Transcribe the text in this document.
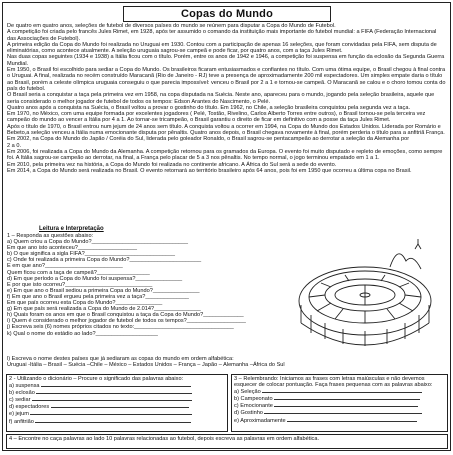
Copas do Mundo

De quatro em quatro anos, seleções de futebol de diversos países do mundo se reúnem para disputar a Copa do Mundo de Futebol.

A competição foi criada pelo francês Jules Rimet, em 1928, após ter assumido o comando da instituição mais importante do futebol mundial: a FIFA (Federação Internacional das Associações de Futebol).

A primeira edição da Copa do Mundo foi realizada no Uruguai em 1930. Contou com a participação de apenas 16 seleções, que foram convidadas pela FIFA, sem disputa de eliminatórias, como acontece atualmente. A seleção uruguaia sagrou-se campeã e pode ficar, por quatro anos, com a taça Jules Rimet.

Nas duas copas seguintes (1934 e 1938) a Itália ficou com o título. Porém, entre os anos de 1942 e 1946, a competição foi suspensa em função da eclosão da Segunda Guerra Mundial.

Em 1950, o Brasil foi escolhido para sediar a Copa do Mundo. Os brasileiros ficaram entusiasmados e confiantes no título. Com uma ótima equipe, o Brasil chegou à final contra o Uruguai. A final, realizada no recém construído Maracanã (Rio de Janeiro - RJ) teve a presença de aproximadamente 200 mil espectadores. Um simples empate daria o título ao Brasil, porém a celeste olímpica uruguaia conseguiu o que parecia impossível: venceu o Brasil por 2 a 1 e tornou-se campeã. O Maracanã se calou e o choro tomou conta do país do futebol.

O Brasil seria a conquistar a taça pela primeira vez em 1958, na copa disputada na Suécia. Neste ano, apareceu para o mundo, jogando pela seleção brasileira, aquele que seria considerado o melhor jogador de futebol de todos os tempos: Edson Arantes do Nascimento, o Pelé.

Quatro anos após a conquista na Suécia, o Brasil voltou a provar o gostinho do título. Em 1962, no Chile, a seleção brasileira conquistou pela segunda vez a taça.

Em 1970, no México, com uma equipe formada por excelentes jogadores ( Pelé, Tostão, Rivelino, Carlos Alberto Torres entre outros), o Brasil tornou-se pela terceira vez campeão do mundo ao vencer a Itália por 4 a 1. Ao tornar-se tricampeão, o Brasil garantiu o direito de ficar em definitivo com a posse da taça Jules Rimet.

Após o título de 1970, o Brasil entrou num jejum de 24 anos sem título. A conquista voltou a ocorrer em 1994, na Copa do Mundo dos Estados Unidos. Liderada por Romário e Bebeto,a seleção venceu a Itália numa emocionante disputa por pênaltis. Quatro anos depois, o Brasil chegava novamente à final, porém perderia o título para a anfitriã França.

Em 2002, na Copa do Mundo do Japão / Coréia do Sul, liderada pelo goleador Ronaldo, o Brasil sagrou-se pentacampeão ao derrotar a seleção da Alemanha por

2 a 0.

Em 2006, foi realizada a Copa do Mundo da Alemanha. A competição retornou para os gramados da Europa. O evento foi muito disputado e repleto de emoções, como sempre foi. A Itália sagrou-se campeão ao derrotar, na final, a França pelo placar de 5 a 3 nos pênaltis. No tempo normal, o jogo terminou empatado em 1 a 1.

Em 2010, pela primeira vez na história, a Copa do Mundo foi realizada no continente africano. A África do Sul será a sede do evento.

Em 2014, a Copa do Mundo será realizada no Brasil. O evento retornará ao território brasileiro após 64 anos, pois foi em 1950 que ocorreu a última copa no Brasil.

Leitura e Interpretação
1 – Responda as questões abaixo:
a) Quem criou a Copa do Mundo?_______________________________
Em que ano isto aconteceu?___________________
b) O que significa a sigla FIFA?_____________________________
c) Onde foi realizada a primeira Copa do Mundo?_______________________
E em que ano?_________________________
Quem ficou com a taça de campeã?_________________
d) Em que período a Copa do Mundo foi suspensa?_______________
E por que isto ocorreu?____________________________
e) Em que ano o Brasil sediou a primeira Copa do Mundo?_______________
f) Em que ano o Brasil ergueu pela primeira vez a taça?______________
Em que país ocorreu esta Copa do Mundo?_______________
g) Em que país será realizada a Copa do Mundo de 2.014?_______________
h) Quais foram os anos em que o Brasil conquistou a taça da Copa do Mundo?_____________
i) Quem é considerado o melhor jogador de futebol de todos os tempos?___________________
j) Escreva seis (6) nomes próprios citados no texto:________________________________
k) Qual o nome do estádio ao lado?____________________
l) Escreva o nome destes países que já sediaram as copas do mundo em ordem alfabética:
Uruguai -Itália – Brasil – Suécia –Chile – México – Estados Unidos – França – Japão – Alemanha –África do Sul
2 - Utilizando o dicionário – Procure o significado das palavras abaixo:
a) suspensa
b) eclosão
c) sediar
d) espectadores
e) jejum
f) anfitrião
3 – Relembrando: Iniciamos as frases com letras maiúsculas e não devemos esquecer de colocar pontuação. Faça frases pequenas com as palavras abaixo:
a) Seleção
b) Campeonato
c) Emocionante
d) Gostinho
e) Aproximadamente
4 – Encontre no caça palavras ao lado 10 palavras relacionadas ao futebol, depois escreva as palavras em ordem alfabética.
